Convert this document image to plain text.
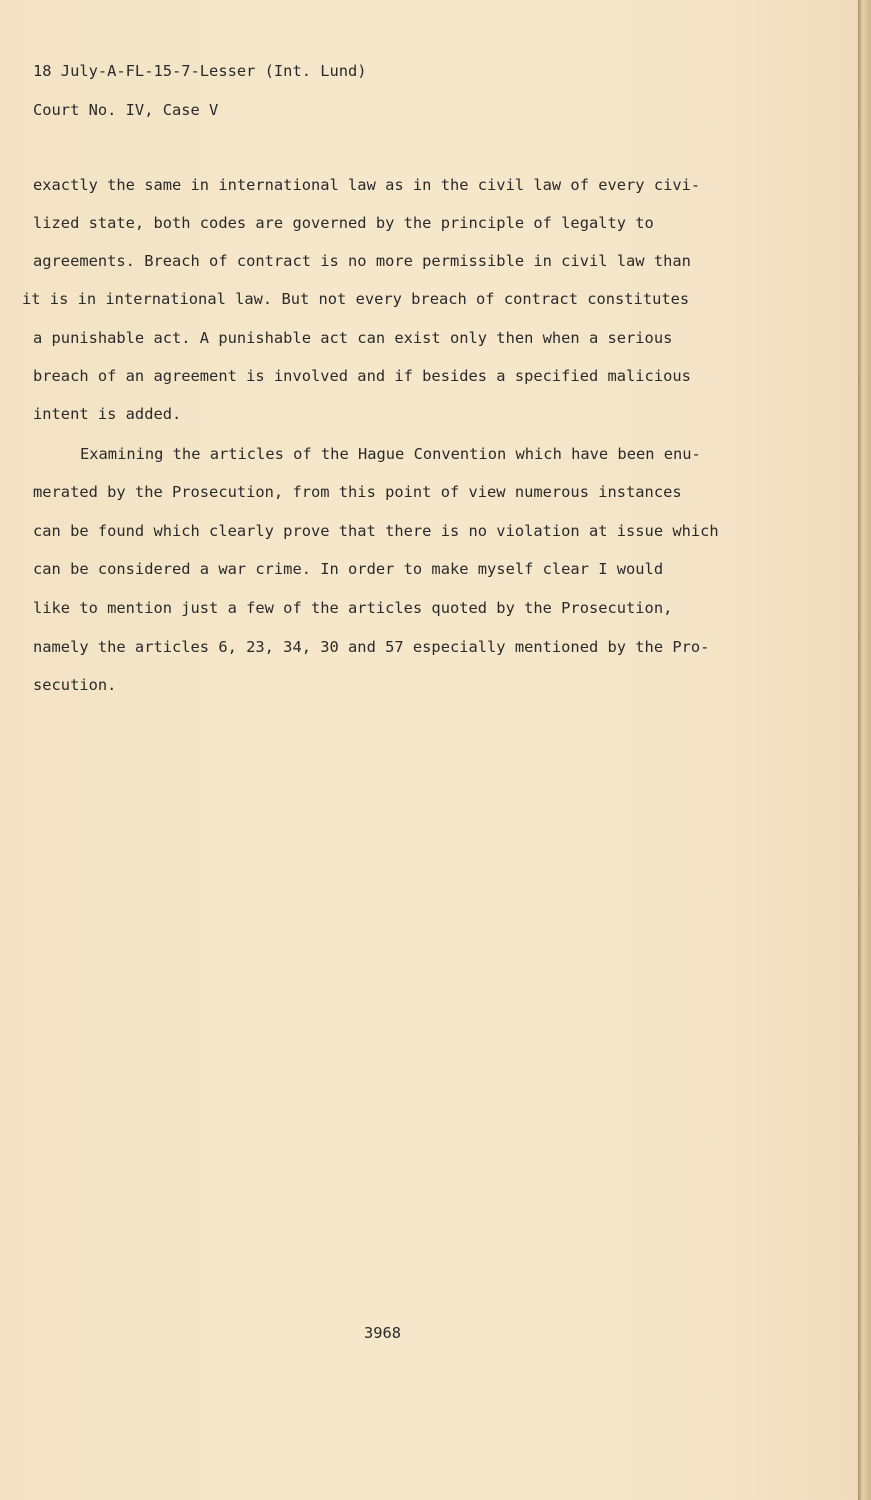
18 July-A-FL-15-7-Lesser (Int. Lund)
Court No. IV, Case V
exactly the same in international law as in the civil law of every civi-
lized state, both codes are governed by the principle of legalty to
agreements. Breach of contract is no more permissible in civil law than
it is in international law. But not every breach of contract constitutes
a punishable act. A punishable act can exist only then when a serious
breach of an agreement is involved and if besides a specified malicious
intent is added.
Examining the articles of the Hague Convention which have been enu-
merated by the Prosecution, from this point of view numerous instances
can be found which clearly prove that there is no violation at issue which
can be considered a war crime. In order to make myself clear I would
like to mention just a few of the articles quoted by the Prosecution,
namely the articles 6, 23, 34, 30 and 57 especially mentioned by the Pro-
secution.
3968
